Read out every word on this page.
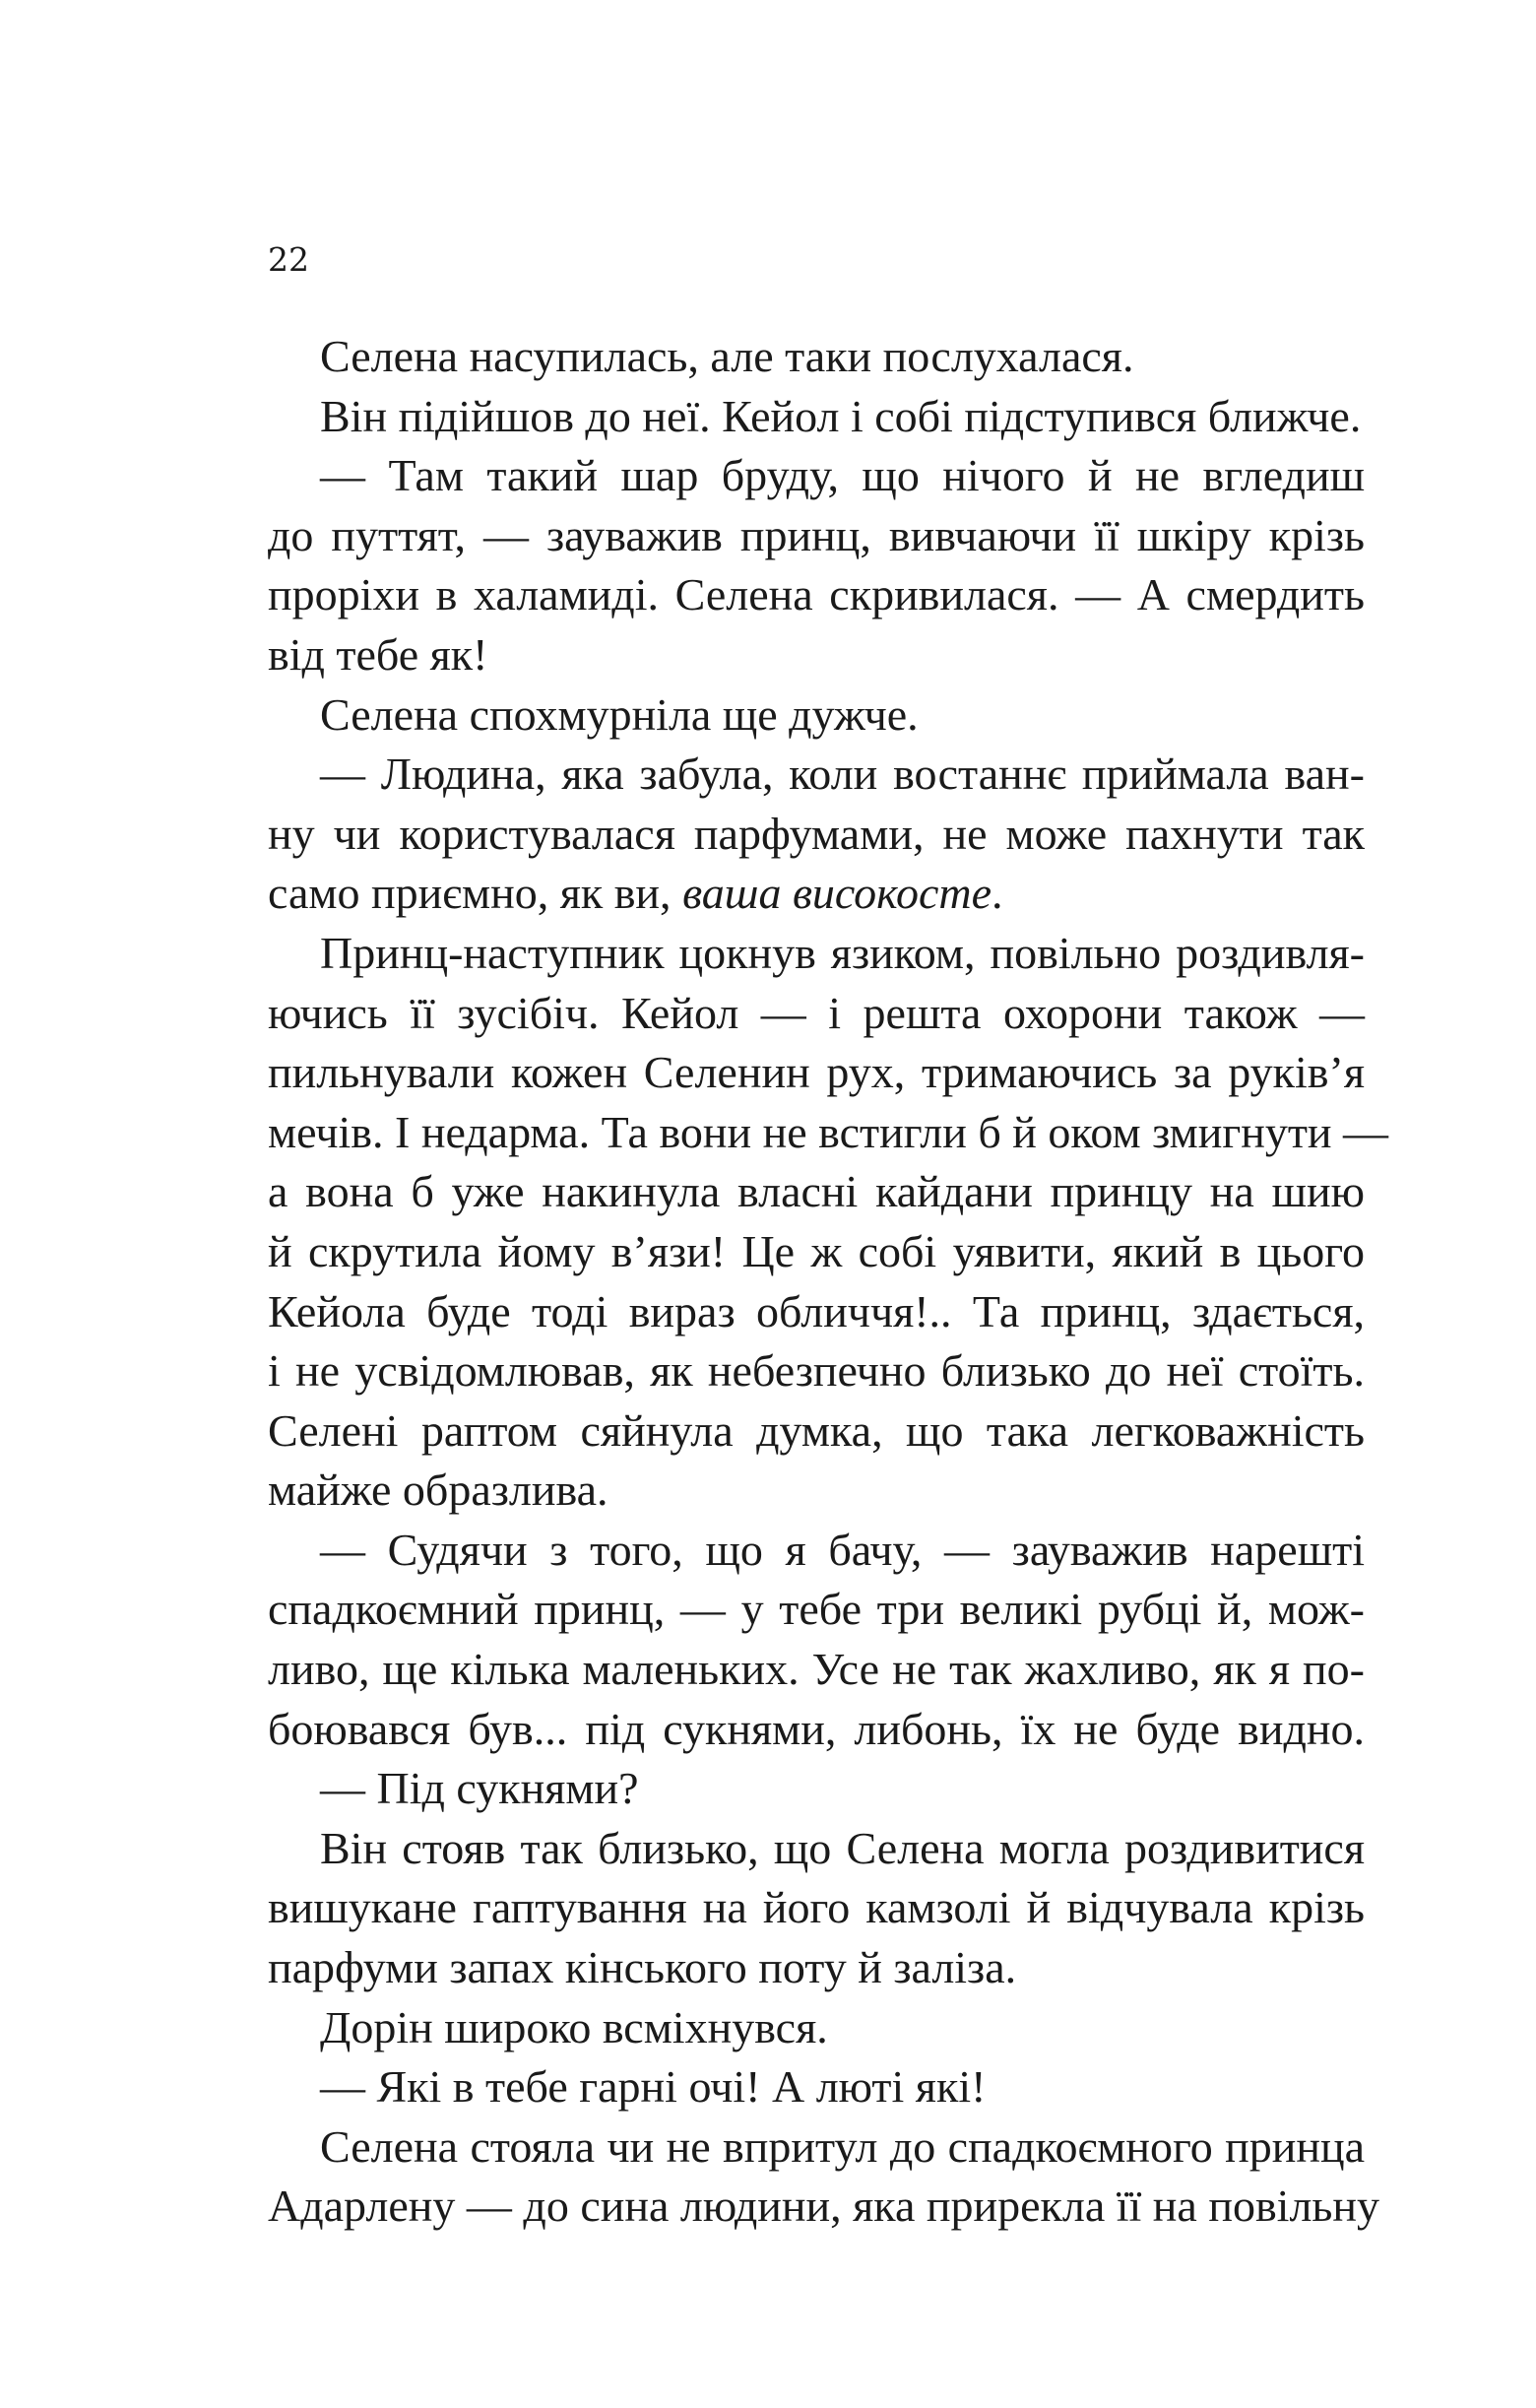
22
Селена насупилась, але таки послухалася.
Він підійшов до неї. Кейол і собі підступився ближче.
— Там такий шар бруду, що нічого й не вгледиш
до путтят, — зауважив принц, вивчаючи її шкіру крізь
проріхи в халамиді. Селена скривилася. — А смердить
від тебе як!
Селена спохмурніла ще дужче.
— Людина, яка забула, коли востаннє приймала ван-
ну чи користувалася парфумами, не може пахнути так
само приємно, як ви, ваша високосте.
Принц-наступник цокнув язиком, повільно роздивля-
ючись її зусібіч. Кейол — і решта охорони також —
пильнували кожен Селенин рух, тримаючись за руків’я
мечів. І недарма. Та вони не встигли б й оком змигнути —
а вона б уже накинула власні кайдани принцу на шию
й скрутила йому в’язи! Це ж собі уявити, який в цього
Кейола буде тоді вираз обличчя!.. Та принц, здається,
і не усвідомлював, як небезпечно близько до неї стоїть.
Селені раптом сяйнула думка, що така легковажність
майже образлива.
— Судячи з того, що я бачу, — зауважив нарешті
спадкоємний принц, — у тебе три великі рубці й, мож-
ливо, ще кілька маленьких. Усе не так жахливо, як я по-
боювався був... під сукнями, либонь, їх не буде видно.
— Під сукнями?
Він стояв так близько, що Селена могла роздивитися
вишукане гаптування на його камзолі й відчувала крізь
парфуми запах кінського поту й заліза.
Дорін широко всміхнувся.
— Які в тебе гарні очі! А люті які!
Селена стояла чи не впритул до спадкоємного принца
Адарлену — до сина людини, яка прирекла її на повільну
